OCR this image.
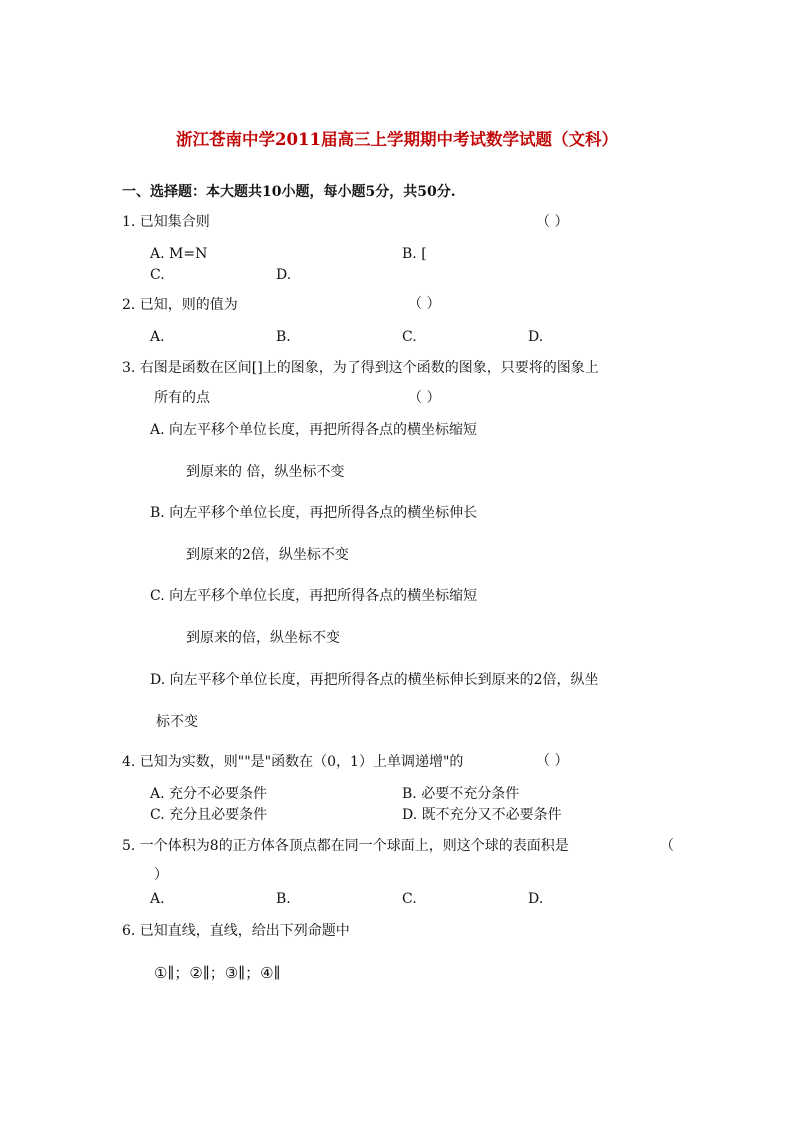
浙江苍南中学2011届高三上学期期中考试数学试题（文科）
一、选择题：本大题共10小题，每小题5分，共50分.
1. 已知集合则	（ ）
A. M=N	B. [
C.	D.
2. 已知，则的值为	（ ）
A.	B.	C.	D.
3. 右图是函数在区间[]上的图象，为了得到这个函数的图象，只要将的图象上
所有的点	（ ）
A. 向左平移个单位长度，再把所得各点的横坐标缩短
到原来的 倍，纵坐标不变
B. 向左平移个单位长度，再把所得各点的横坐标伸长
到原来的2倍，纵坐标不变
C. 向左平移个单位长度，再把所得各点的横坐标缩短
到原来的倍，纵坐标不变
D. 向左平移个单位长度，再把所得各点的横坐标伸长到原来的2倍，纵坐
标不变
4. 已知为实数，则""是"函数在（0，1）上单调递增"的	（ ）
A. 充分不必要条件	B. 必要不充分条件
C. 充分且必要条件	D. 既不充分又不必要条件
5. 一个体积为8的正方体各顶点都在同一个球面上，则这个球的表面积是	（
）
A.	B.	C.	D.
6. 已知直线，直线，给出下列命题中
①∥；②∥；③∥；④∥
